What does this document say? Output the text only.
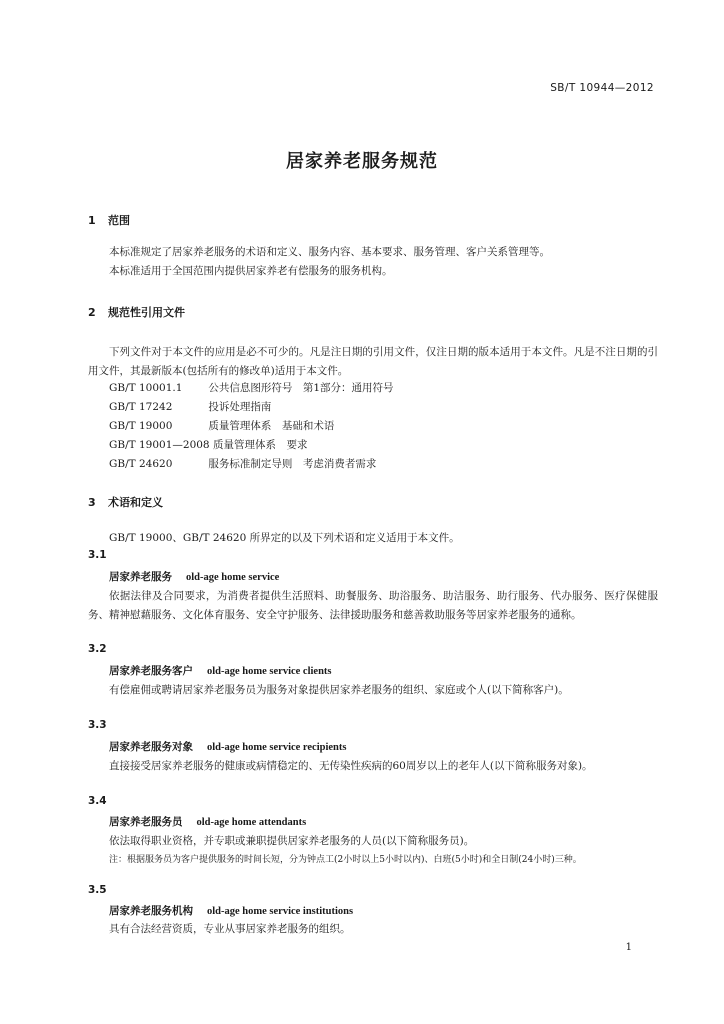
SB/T 10944—2012
居家养老服务规范
1 范围
本标准规定了居家养老服务的术语和定义、服务内容、基本要求、服务管理、客户关系管理等。
本标准适用于全国范围内提供居家养老有偿服务的服务机构。
2 规范性引用文件
下列文件对于本文件的应用是必不可少的。凡是注日期的引用文件，仅注日期的版本适用于本文件。凡是不注日期的引用文件，其最新版本(包括所有的修改单)适用于本文件。
GB/T 10001.1 公共信息图形符号　第1部分：通用符号
GB/T 17242	投诉处理指南
GB/T 19000	质量管理体系　基础和术语
GB/T 19001—2008 质量管理体系　要求
GB/T 24620	服务标准制定导则　考虑消费者需求
3 术语和定义
GB/T 19000、GB/T 24620 所界定的以及下列术语和定义适用于本文件。
3.1
居家养老服务 old-age home service
依据法律及合同要求，为消费者提供生活照料、助餐服务、助浴服务、助洁服务、助行服务、代办服务、医疗保健服务、精神慰藉服务、文化体育服务、安全守护服务、法律援助服务和慈善救助服务等居家养老服务的通称。
3.2
居家养老服务客户 old-age home service clients
有偿雇佣或聘请居家养老服务员为服务对象提供居家养老服务的组织、家庭或个人(以下简称客户)。
3.3
居家养老服务对象 old-age home service recipients
直接接受居家养老服务的健康或病情稳定的、无传染性疾病的60周岁以上的老年人(以下简称服务对象)。
3.4
居家养老服务员 old-age home attendants
依法取得职业资格，并专职或兼职提供居家养老服务的人员(以下简称服务员)。
注：根据服务员为客户提供服务的时间长短，分为钟点工(2小时以上5小时以内)、白班(5小时)和全日制(24小时)三种。
3.5
居家养老服务机构 old-age home service institutions
具有合法经营资质，专业从事居家养老服务的组织。
1
